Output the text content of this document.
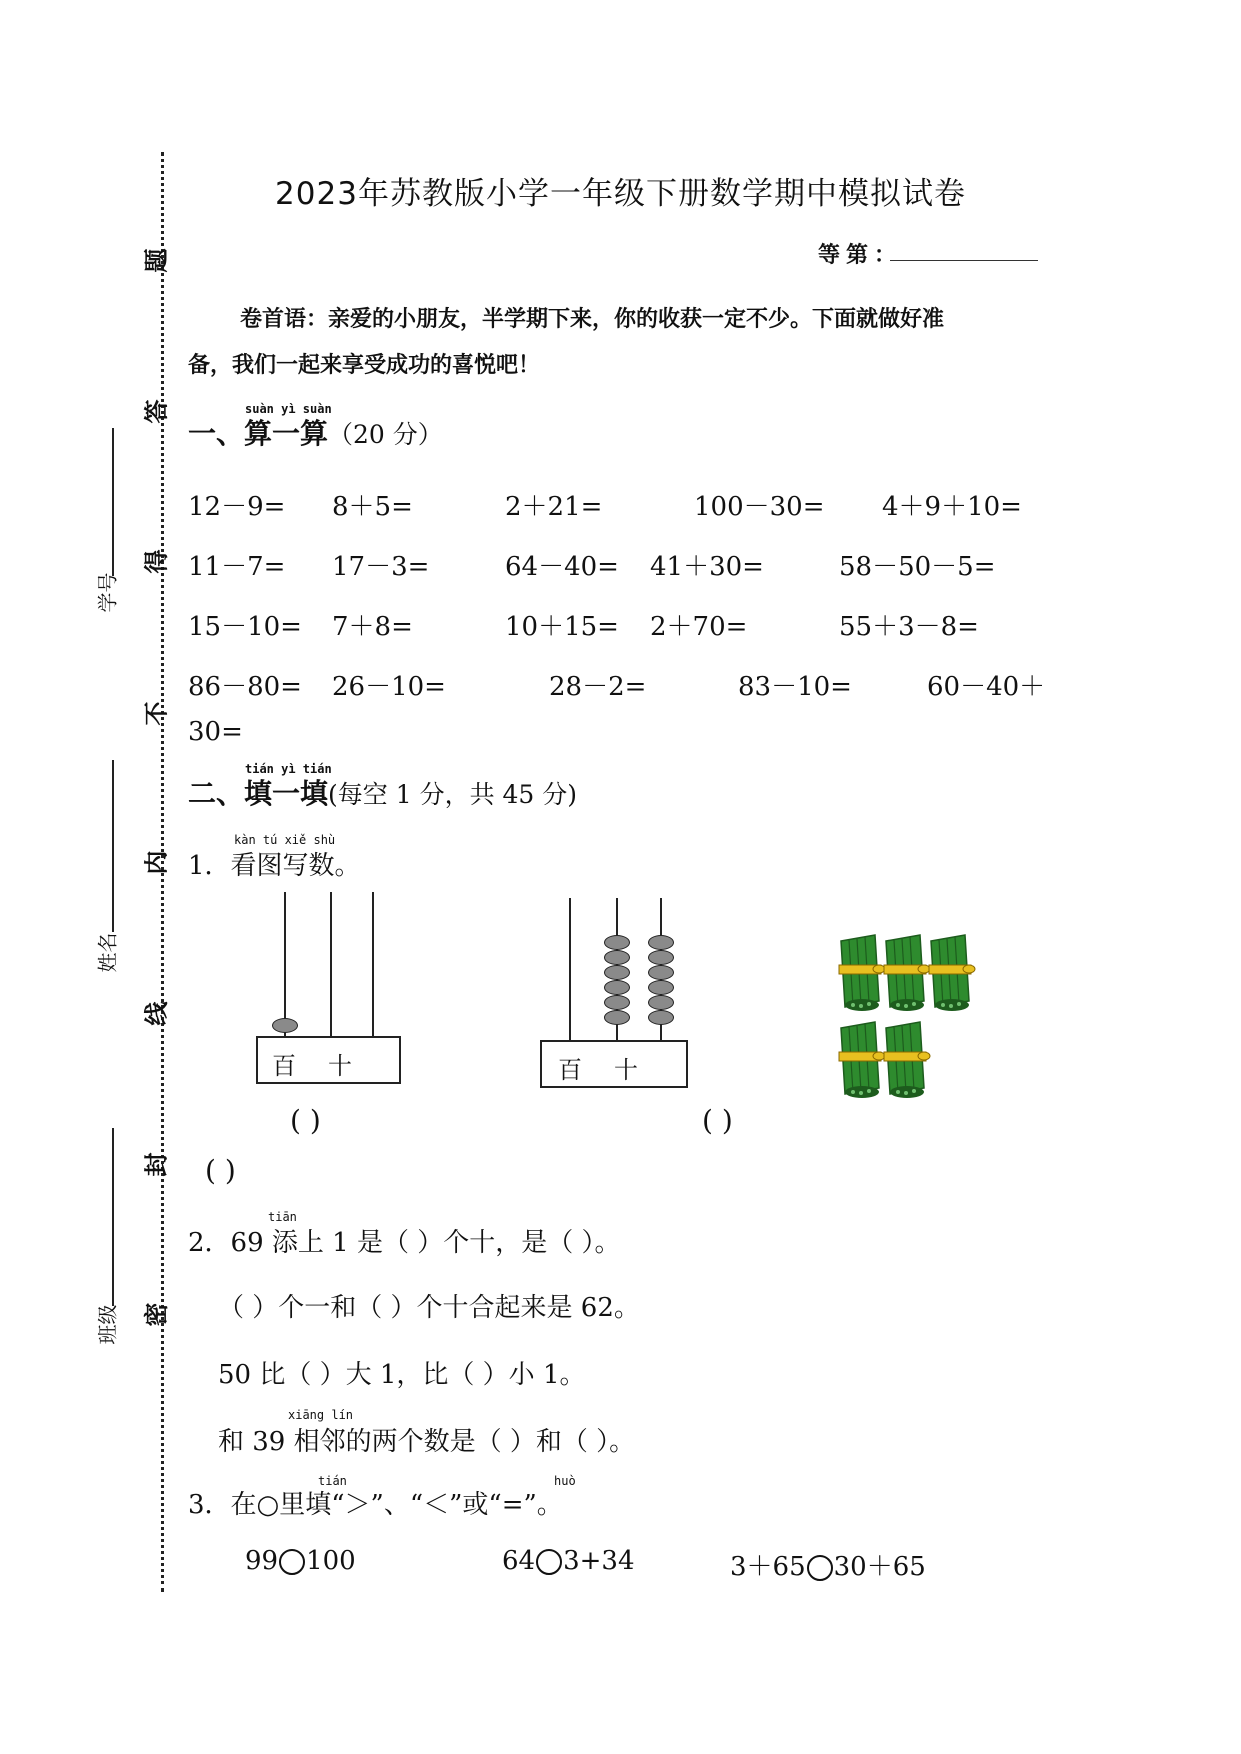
题
答
得
不
内
线
封
密
学号
姓名
班级
2023年苏教版小学一年级下册数学期中模拟试卷
等第：
卷首语：亲爱的小朋友，半学期下来，你的收获一定不少。下面就做好准
备，我们一起来享受成功的喜悦吧！
suàn yì suàn
一、算一算（20 分）
12－9= 8＋5=	2＋21=	100－30= 4＋9＋10=
11－7= 17－3=	64－40= 41＋30=	58－50－5=
15－10= 7＋8=	10＋15= 2＋70=	55＋3－8=
86－80= 26－10=	28－2=	83－10=	60－40＋
30=
tián yì tián
二、填一填(每空 1 分，共 45 分)
kàn tú xiě shù
1．看图写数。
百 十	百 十
( )	( )
( )
tiān
2．69 添上 1 是（ ）个十，是（ ）。
（ ）个一和（ ）个十合起来是 62。
50 比（ ）大 1，比（ ）小 1。
xiāng lín
和 39 相邻的两个数是（ ）和（ ）。
tián	huò
3．在○里填“＞”、“＜”或“=”。
99 100	64 3+34	3＋65 30＋65
